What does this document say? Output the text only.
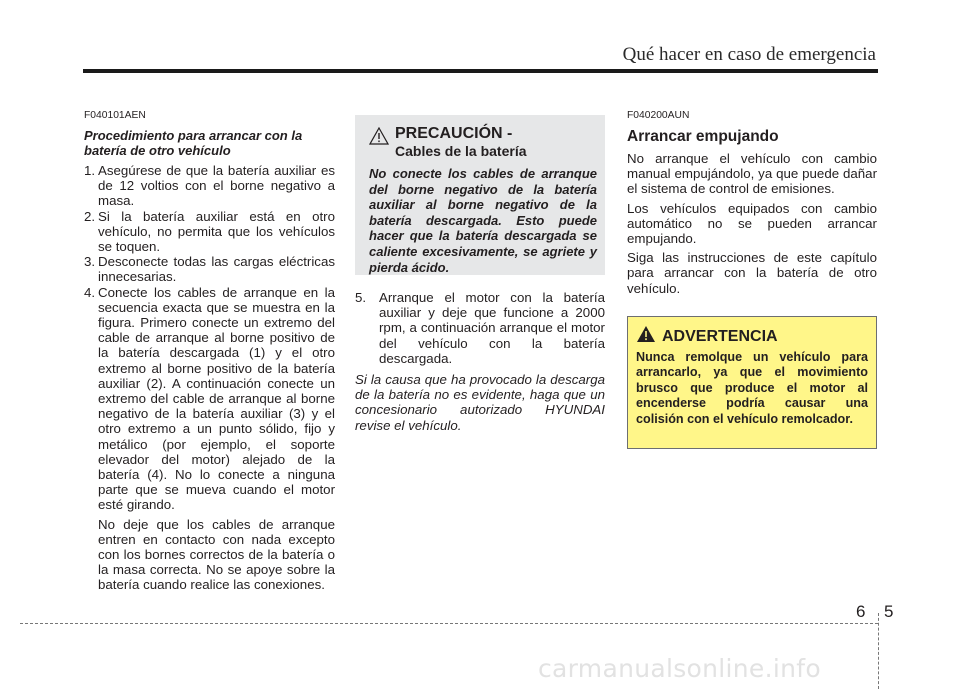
Qué hacer en caso de emergencia
F040101AEN
Procedimiento para arrancar con la batería de otro vehículo
1. Asegúrese de que la batería auxiliar es de 12 voltios con el borne negativo a masa.
2. Si la batería auxiliar está en otro vehículo, no permita que los vehículos se toquen.
3. Desconecte todas las cargas eléctricas innecesarias.
4. Conecte los cables de arranque en la secuencia exacta que se muestra en la figura. Primero conecte un extremo del cable de arranque al borne positivo de la batería descargada (1) y el otro extremo al borne positivo de la batería auxiliar (2). A continuación conecte un extremo del cable de arranque al borne negativo de la batería auxiliar (3) y el otro extremo a un punto sólido, fijo y metálico (por ejemplo, el soporte elevador del motor) alejado de la batería (4). No lo conecte a ninguna parte que se mueva cuando el motor esté girando.
No deje que los cables de arranque entren en contacto con nada excepto con los bornes correctos de la batería o la masa correcta. No se apoye sobre la batería cuando realice las conexiones.
PRECAUCIÓN -
Cables de la batería
No conecte los cables de arranque del borne negativo de la batería auxiliar al borne negativo de la batería descargada. Esto puede hacer que la batería descargada se caliente excesivamente, se agriete y pierda ácido.
5. Arranque el motor con la batería auxiliar y deje que funcione a 2000 rpm, a continuación arranque el motor del vehículo con la batería descargada.
Si la causa que ha provocado la descarga de la batería no es evidente, haga que un concesionario autorizado HYUNDAI revise el vehículo.
F040200AUN
Arrancar empujando
No arranque el vehículo con cambio manual empujándolo, ya que puede dañar el sistema de control de emisiones.
Los vehículos equipados con cambio automático no se pueden arrancar empujando.
Siga las instrucciones de este capítulo para arrancar con la batería de otro vehículo.
ADVERTENCIA
Nunca remolque un vehículo para arrancarlo, ya que el movimiento brusco que produce el motor al encenderse podría causar una colisión con el vehículo remolcador.
6 5
carmanualsonline.info
